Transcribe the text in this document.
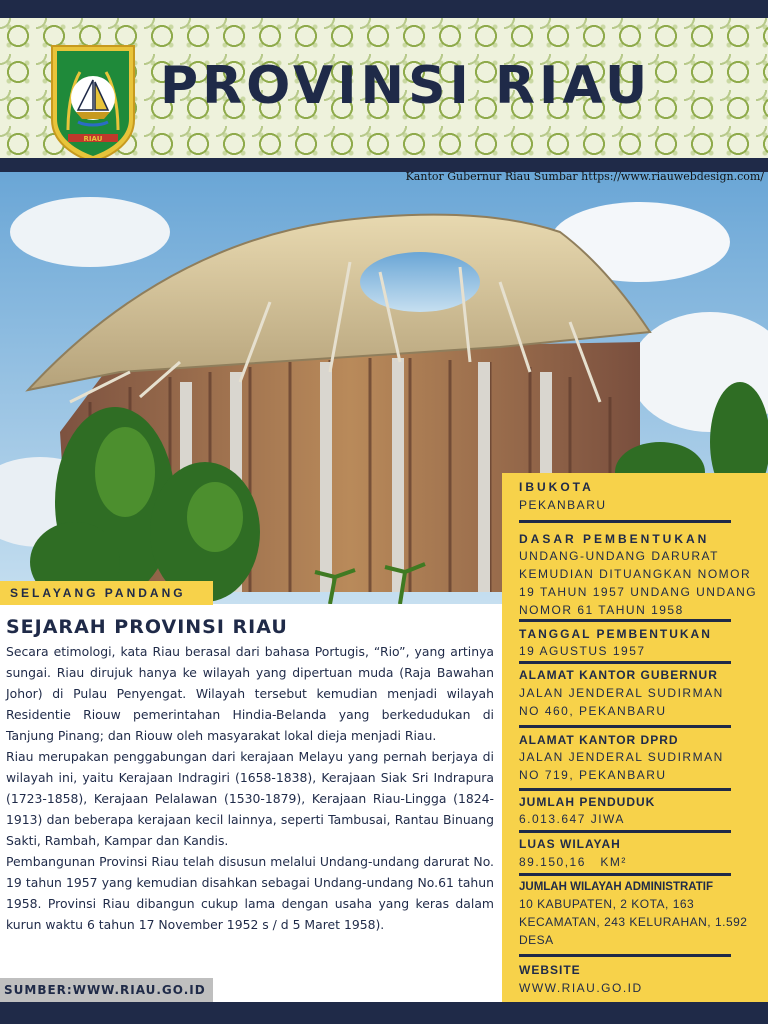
RIAU
PROVINSI RIAU
Kantor Gubernur Riau Sumbar https://www.riauwebdesign.com/
SELAYANG PANDANG
SEJARAH PROVINSI RIAU

Secara etimologi, kata Riau berasal dari bahasa Portugis, “Rio”, yang artinya sungai. Riau dirujuk hanya ke wilayah yang dipertuan muda (Raja Bawahan Johor) di Pulau Penyengat. Wilayah tersebut kemudian menjadi wilayah Residentie Riouw pemerintahan Hindia-Belanda yang berkedudukan di Tanjung Pinang; dan Riouw oleh masyarakat lokal dieja menjadi Riau.

Riau merupakan penggabungan dari kerajaan Melayu yang pernah berjaya di wilayah ini, yaitu Kerajaan Indragiri (1658-1838), Kerajaan Siak Sri Indrapura (1723-1858), Kerajaan Pelalawan (1530-1879), Kerajaan Riau-Lingga (1824-1913) dan beberapa kerajaan kecil lainnya, seperti Tambusai, Rantau Binuang Sakti, Rambah, Kampar dan Kandis.

Pembangunan Provinsi Riau telah disusun melalui Undang-undang darurat No. 19 tahun 1957 yang kemudian disahkan sebagai Undang-undang No.61 tahun 1958. Provinsi Riau dibangun cukup lama dengan usaha yang keras dalam kurun waktu 6 tahun 17 November 1952 s / d 5 Maret 1958).

SUMBER:WWW.RIAU.GO.ID
IBUKOTA
PEKANBARU
DASAR PEMBENTUKAN
UNDANG-UNDANG DARURAT
KEMUDIAN DITUANGKAN NOMOR
19 TAHUN 1957 UNDANG UNDANG
NOMOR 61 TAHUN 1958
TANGGAL PEMBENTUKAN
19 AGUSTUS 1957
ALAMAT KANTOR GUBERNUR
JALAN JENDERAL SUDIRMAN
NO 460, PEKANBARU
ALAMAT KANTOR DPRD
JALAN JENDERAL SUDIRMAN
NO 719, PEKANBARU
JUMLAH PENDUDUK
6.013.647 JIWA
LUAS WILAYAH
89.150,16   KM²
JUMLAH WILAYAH ADMINISTRATIF
10 KABUPATEN, 2 KOTA, 163
KECAMATAN, 243 KELURAHAN, 1.592
DESA
WEBSITE
WWW.RIAU.GO.ID
